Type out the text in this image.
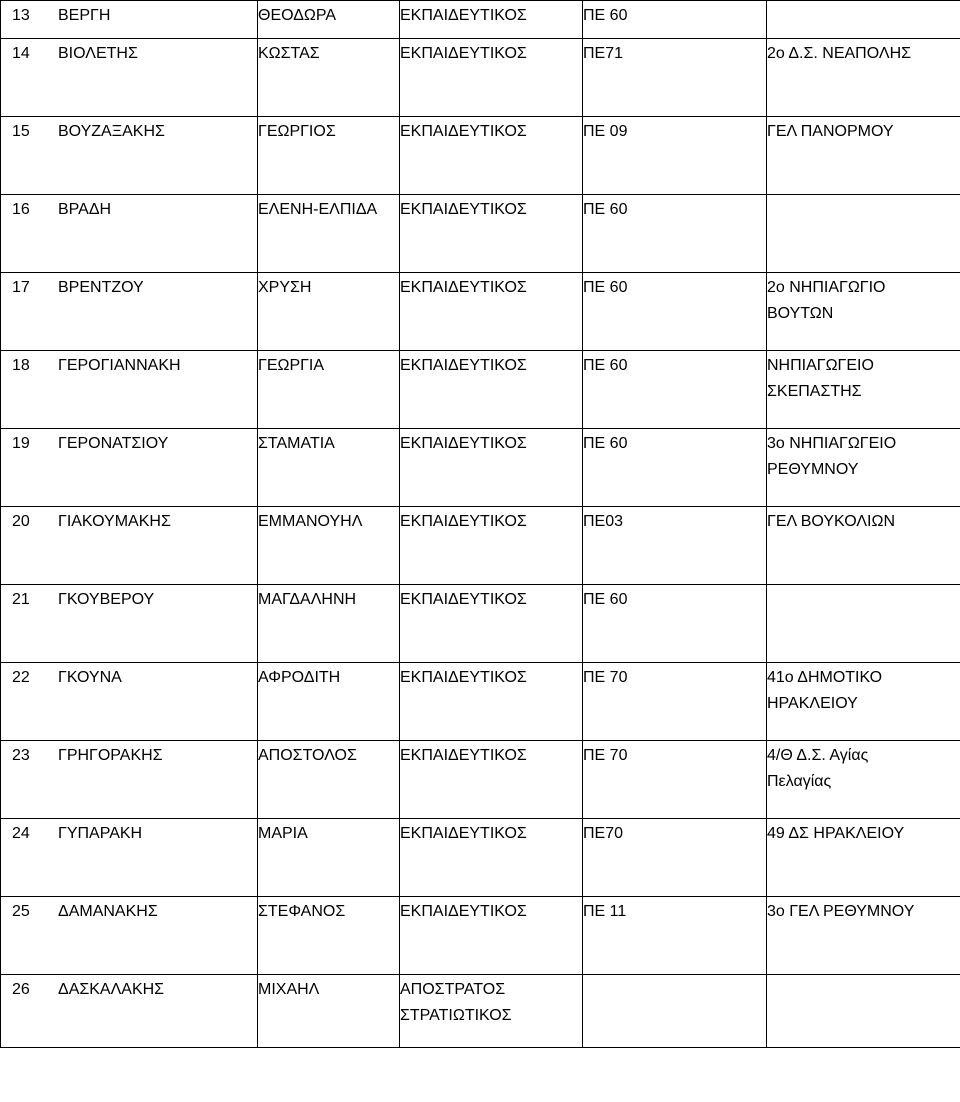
13 ΒΕΡΓΗ	ΘΕΟΔΩΡΑ	ΕΚΠΑΙΔΕΥΤΙΚΟΣ	ΠΕ 60	

14 ΒΙΟΛΕΤΗΣ	ΚΩΣΤΑΣ	ΕΚΠΑΙΔΕΥΤΙΚΟΣ	ΠΕ71	2ο Δ.Σ. ΝΕΑΠΟΛΗΣ

15 ΒΟΥΖΑΞΑΚΗΣ	ΓΕΩΡΓΙΟΣ	ΕΚΠΑΙΔΕΥΤΙΚΟΣ	ΠΕ 09	ΓΕΛ ΠΑΝΟΡΜΟΥ

16 ΒΡΑΔΗ	ΕΛΕΝΗ-ΕΛΠΙΔΑ	ΕΚΠΑΙΔΕΥΤΙΚΟΣ	ΠΕ 60	

17 ΒΡΕΝΤΖΟΥ	ΧΡΥΣΗ	ΕΚΠΑΙΔΕΥΤΙΚΟΣ	ΠΕ 60	2ο ΝΗΠΙΑΓΩΓΙΟ
ΒΟΥΤΩΝ

18 ΓΕΡΟΓΙΑΝΝΑΚΗ	ΓΕΩΡΓΙΑ	ΕΚΠΑΙΔΕΥΤΙΚΟΣ	ΠΕ 60	ΝΗΠΙΑΓΩΓΕΙΟ
ΣΚΕΠΑΣΤΗΣ

19 ΓΕΡΟΝΑΤΣΙΟΥ	ΣΤΑΜΑΤΙΑ	ΕΚΠΑΙΔΕΥΤΙΚΟΣ	ΠΕ 60	3ο ΝΗΠΙΑΓΩΓΕΙΟ
ΡΕΘΥΜΝΟΥ

20 ΓΙΑΚΟΥΜΑΚΗΣ	ΕΜΜΑΝΟΥΗΛ	ΕΚΠΑΙΔΕΥΤΙΚΟΣ	ΠΕ03	ΓΕΛ ΒΟΥΚΟΛΙΩΝ

21 ΓΚΟΥΒΕΡΟΥ	ΜΑΓΔΑΛΗΝΗ	ΕΚΠΑΙΔΕΥΤΙΚΟΣ	ΠΕ 60	

22 ΓΚΟΥΝΑ	ΑΦΡΟΔΙΤΗ	ΕΚΠΑΙΔΕΥΤΙΚΟΣ	ΠΕ 70	41ο ΔΗΜΟΤΙΚΟ
ΗΡΑΚΛΕΙΟΥ

23 ΓΡΗΓΟΡΑΚΗΣ	ΑΠΟΣΤΟΛΟΣ	ΕΚΠΑΙΔΕΥΤΙΚΟΣ	ΠΕ 70	4/Θ Δ.Σ. Αγίας
Πελαγίας

24 ΓΥΠΑΡΑΚΗ	ΜΑΡΙΑ	ΕΚΠΑΙΔΕΥΤΙΚΟΣ	ΠΕ70	49 ΔΣ ΗΡΑΚΛΕΙΟΥ

25 ΔΑΜΑΝΑΚΗΣ	ΣΤΕΦΑΝΟΣ	ΕΚΠΑΙΔΕΥΤΙΚΟΣ	ΠΕ 11	3ο ΓΕΛ ΡΕΘΥΜΝΟΥ

26 ΔΑΣΚΑΛΑΚΗΣ	ΜΙΧΑΗΛ	ΑΠΟΣΤΡΑΤΟΣ
ΣΤΡΑΤΙΩΤΙΚΟΣ		
